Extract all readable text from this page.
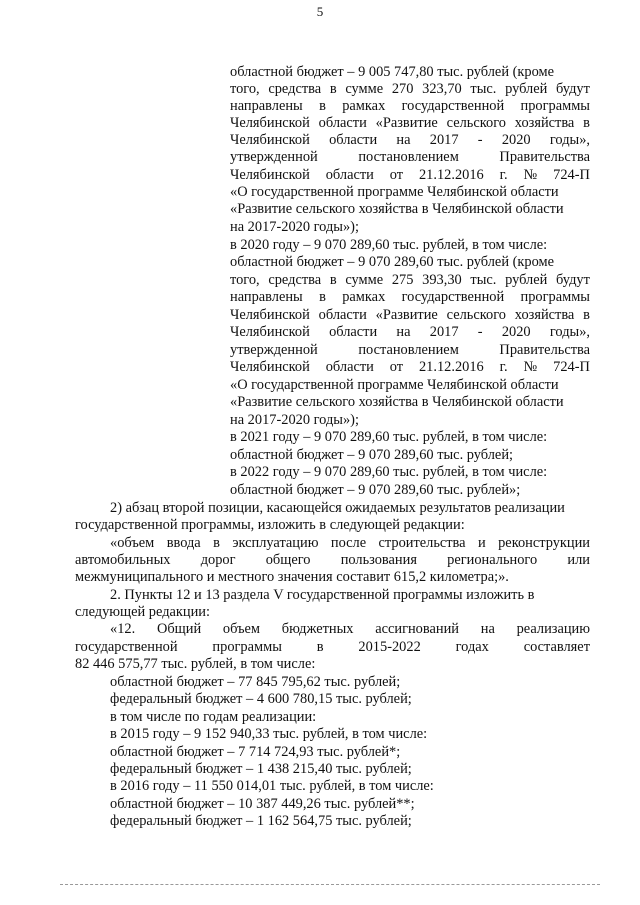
5
областной бюджет – 9 005 747,80 тыс. рублей (кроме
того, средства в сумме 270 323,70 тыс. рублей будут
направлены в рамках государственной программы
Челябинской области «Развитие сельского хозяйства в
Челябинской области на 2017 - 2020 годы»,
утвержденной	постановлением	Правительства
Челябинской области от 21.12.2016 г. № 724-П
«О государственной программе Челябинской области
«Развитие сельского хозяйства в Челябинской области
на 2017-2020 годы»);
в 2020 году – 9 070 289,60 тыс. рублей, в том числе:
областной бюджет – 9 070 289,60 тыс. рублей (кроме
того, средства в сумме 275 393,30 тыс. рублей будут
направлены в рамках государственной программы
Челябинской области «Развитие сельского хозяйства в
Челябинской области на 2017 - 2020 годы»,
утвержденной	постановлением	Правительства
Челябинской области от 21.12.2016 г. № 724-П
«О государственной программе Челябинской области
«Развитие сельского хозяйства в Челябинской области
на 2017-2020 годы»);
в 2021 году – 9 070 289,60 тыс. рублей, в том числе:
областной бюджет – 9 070 289,60 тыс. рублей;
в 2022 году – 9 070 289,60 тыс. рублей, в том числе:
областной бюджет – 9 070 289,60 тыс. рублей»;
2) абзац второй позиции, касающейся ожидаемых результатов реализации
государственной программы, изложить в следующей редакции:
«объем ввода в эксплуатацию после строительства и реконструкции
автомобильных дорог общего пользования регионального или
межмуниципального и местного значения составит 615,2 километра;».
2. Пункты 12 и 13 раздела V государственной программы изложить в
следующей редакции:
«12. Общий объем бюджетных ассигнований на реализацию
государственной программы в 2015-2022 годах составляет
82 446 575,77 тыс. рублей, в том числе:
областной бюджет – 77 845 795,62 тыс. рублей;
федеральный бюджет – 4 600 780,15 тыс. рублей;
в том числе по годам реализации:
в 2015 году – 9 152 940,33 тыс. рублей, в том числе:
областной бюджет – 7 714 724,93 тыс. рублей*;
федеральный бюджет – 1 438 215,40 тыс. рублей;
в 2016 году – 11 550 014,01 тыс. рублей, в том числе:
областной бюджет – 10 387 449,26 тыс. рублей**;
федеральный бюджет – 1 162 564,75 тыс. рублей;
